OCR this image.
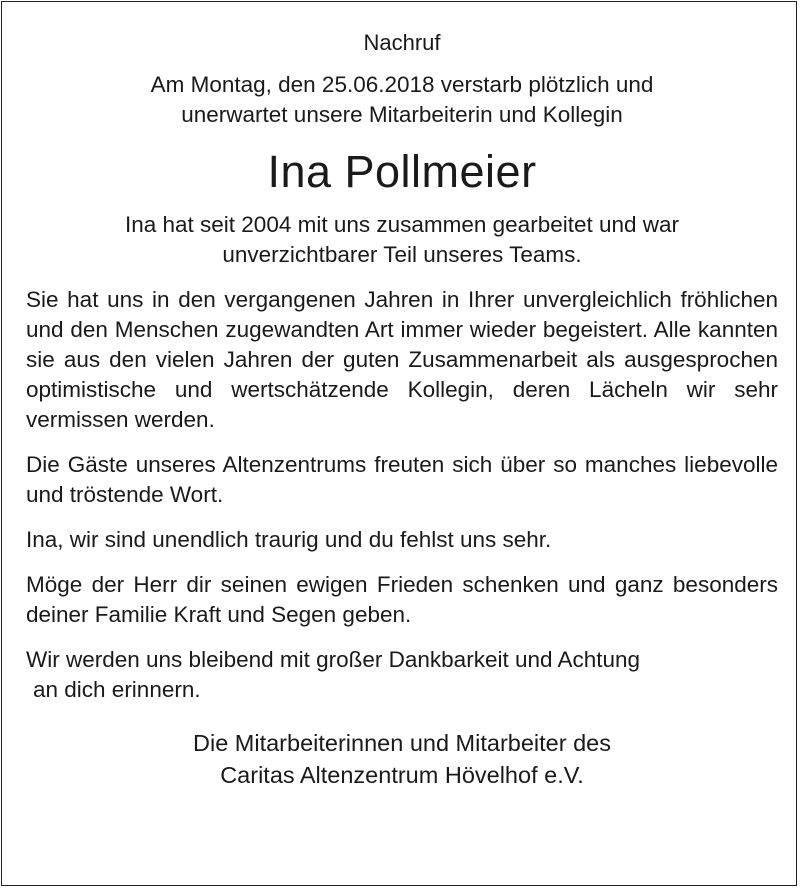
Nachruf

Am Montag, den 25.06.2018 verstarb plötzlich und
unerwartet unsere Mitarbeiterin und Kollegin
Ina Pollmeier
Ina hat seit 2004 mit uns zusammen gearbeitet und war
unverzichtbarer Teil unseres Teams.

Sie hat uns in den vergangenen Jahren in Ihrer unvergleichlich fröhlichen und den Menschen zugewandten Art immer wieder begeistert. Alle kannten sie aus den vielen Jahren der guten Zusammenarbeit als ausgesprochen optimistische und wertschätzende Kollegin, deren Lächeln wir sehr vermissen werden.

Die Gäste unseres Altenzentrums freuten sich über so manches liebevolle und tröstende Wort.

Ina, wir sind unendlich traurig und du fehlst uns sehr.

Möge der Herr dir seinen ewigen Frieden schenken und ganz besonders deiner Familie Kraft und Segen geben.

Wir werden uns bleibend mit großer Dankbarkeit und Achtung
an dich erinnern.
Die Mitarbeiterinnen und Mitarbeiter des
Caritas Altenzentrum Hövelhof e.V.
